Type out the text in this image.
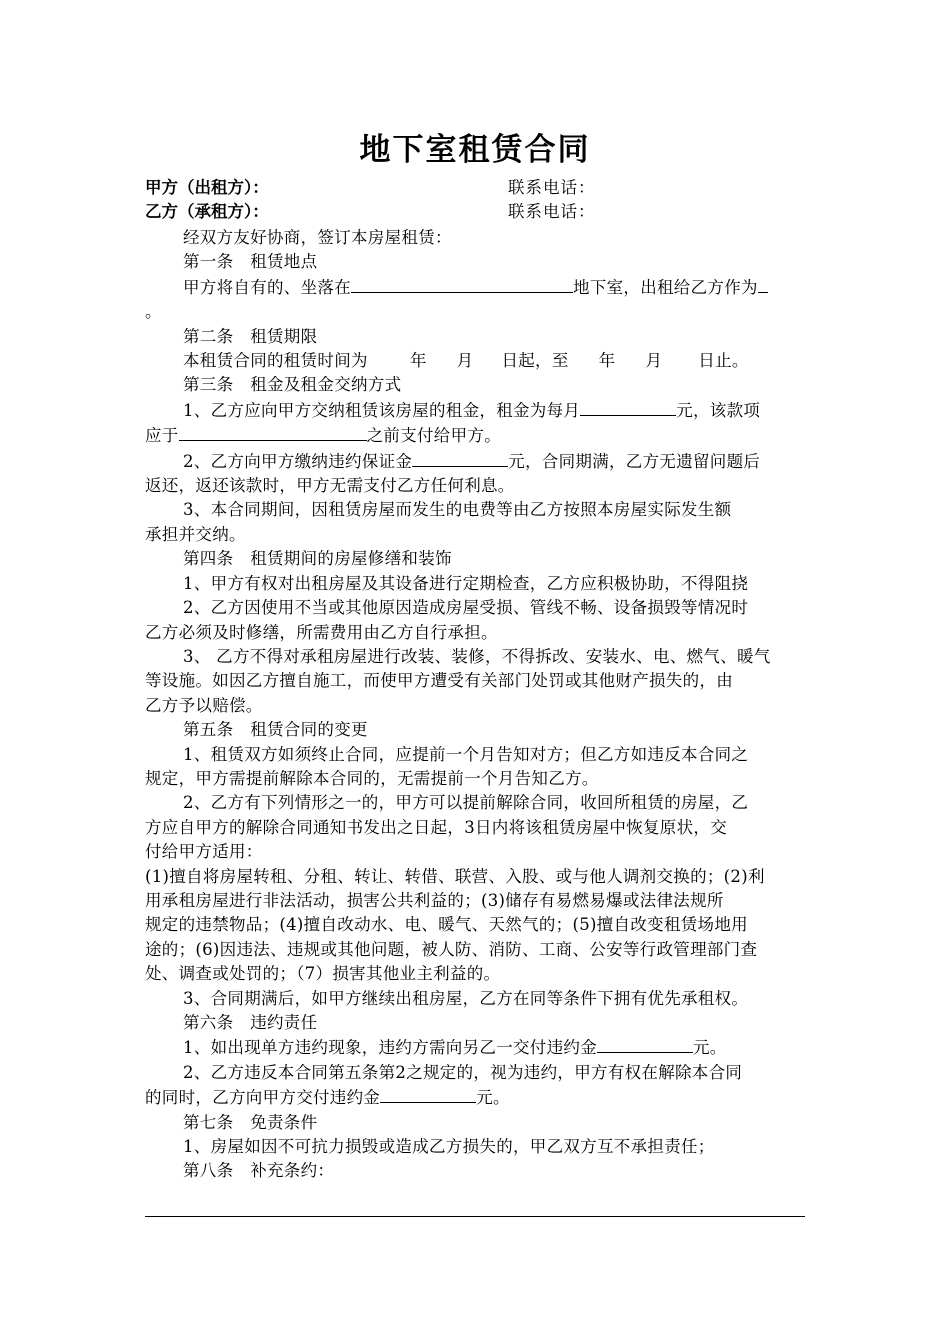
地下室租赁合同
甲方（出租方）：	联系电话：
乙方（承租方）：	联系电话：

经双方友好协商，签订本房屋租赁：

第一条　租赁地点

甲方将自有的、坐落在	地下室，出租给乙方作为

。

第二条　租赁期限

本租赁合同的租赁时间为	年 月 日起，至 年 月 日止。

第三条　租金及租金交纳方式

1、乙方应向甲方交纳租赁该房屋的租金，租金为每月	元，该款项

应于	之前支付给甲方。

2、乙方向甲方缴纳违约保证金	元，合同期满，乙方无遗留问题后

返还，返还该款时，甲方无需支付乙方任何利息。

3、本合同期间，因租赁房屋而发生的电费等由乙方按照本房屋实际发生额

承担并交纳。

第四条　租赁期间的房屋修缮和装饰

1、甲方有权对出租房屋及其设备进行定期检查，乙方应积极协助，不得阻挠

2、乙方因使用不当或其他原因造成房屋受损、管线不畅、设备损毁等情况时

乙方必须及时修缮，所需费用由乙方自行承担。

3、 乙方不得对承租房屋进行改装、装修，不得拆改、安装水、电、燃气、暖气

等设施。如因乙方擅自施工，而使甲方遭受有关部门处罚或其他财产损失的，由

乙方予以赔偿。

第五条　租赁合同的变更

1、租赁双方如须终止合同，应提前一个月告知对方；但乙方如违反本合同之

规定，甲方需提前解除本合同的，无需提前一个月告知乙方。

2、乙方有下列情形之一的，甲方可以提前解除合同，收回所租赁的房屋，乙

方应自甲方的解除合同通知书发出之日起，3日内将该租赁房屋中恢复原状，交

付给甲方适用：

(1)擅自将房屋转租、分租、转让、转借、联营、入股、或与他人调剂交换的；(2)利

用承租房屋进行非法活动，损害公共利益的；(3)储存有易燃易爆或法律法规所

规定的违禁物品；(4)擅自改动水、电、暖气、天然气的；(5)擅自改变租赁场地用

途的；(6)因违法、违规或其他问题，被人防、消防、工商、公安等行政管理部门查

处、调查或处罚的；（7）损害其他业主利益的。

3、合同期满后，如甲方继续出租房屋，乙方在同等条件下拥有优先承租权。

第六条　违约责任

1、如出现单方违约现象，违约方需向另乙一交付违约金	元。

2、乙方违反本合同第五条第2之规定的，视为违约，甲方有权在解除本合同

的同时，乙方向甲方交付违约金	元。

第七条　免责条件

1、房屋如因不可抗力损毁或造成乙方损失的，甲乙双方互不承担责任；

第八条　补充条约：
